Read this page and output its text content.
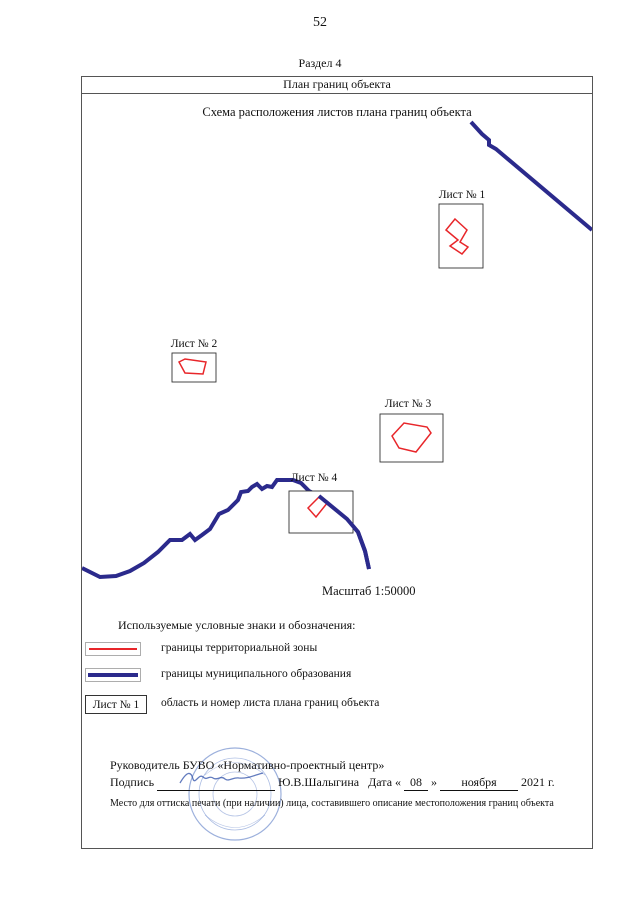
52
Раздел 4
План границ объекта
Схема расположения листов плана границ объекта
Лист № 1
Лист № 2
Лист № 3
Лист № 4
Масштаб 1:50000
Используемые условные знаки и обозначения:
границы территориальной зоны
границы муниципального образования
Лист № 1	область и номер листа плана границ объекта
Руководитель БУВО «Нормативно-проектный центр»
Подпись	Ю.В.Шалыгина Дата « 08 » ноября 2021 г.
Место для оттиска печати (при наличии) лица, составившего описание местоположения границ объекта
